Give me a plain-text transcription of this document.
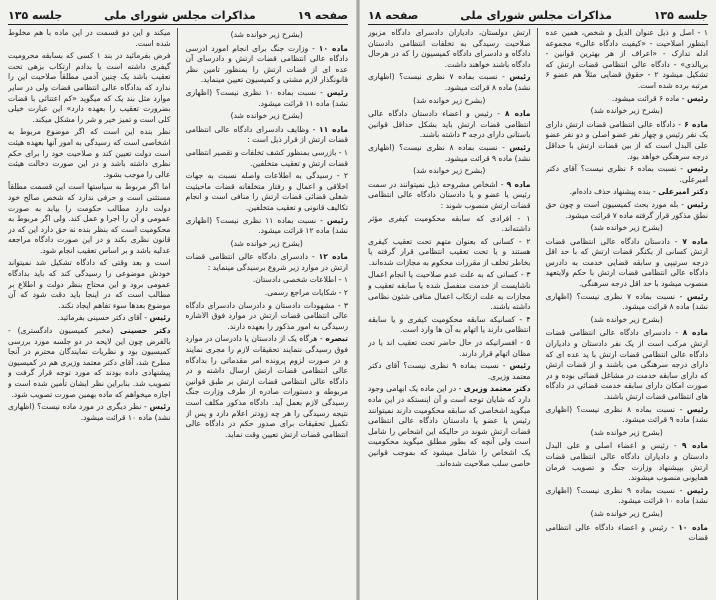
صفحه ۱۹
مذاکرات مجلس شورای ملی
جلسه ۱۳۵

(بشرح زیر خوانده شد)

ماده ۱۰ - وزارت جنگ برای انجام امورد ادرسی دادگاه عالی انتظامی قضات ارتش و دادرسای آن عده ای از قضات ارتش را بمنظور تامین نظر قانونگذار لازم مشتی و کمیسیون تعیین مینماید.

رئیس - نسبت بماده ۱۰ نظری نیست؟ (اظهاری نشد) ماده ۱۱ قرائت میشود.

(بشرح زیر خوانده شد)

ماده ۱۱ - وظایف دادسرای دادگاه عالی انتظامی قضات ارتش از قرار ذیل است :

۱ - بازرسی بمنظور کشف تخلفات و تقصیر انتظامی قضات ارتش و تعقیب متخلفین.

۲ - رسیدگی به اطلاعات واصله نسبت به جهات اخلاقی و اعمال و رفتار متخلفانه قضات ماحیثیت شغلی قضائی قضات ارتش را منافی است و انجام تکالیف قانونی و تعقیب متخلفین.

رئیس - نسبت بماده ۱۱ نظری نیست؟ (اظهاری نشد) ماده ۱۲ قرائت میشود.

(بشرح زیر خوانده شد)

ماده ۱۲ - دادسرای دادگاه عالی انتظامی قضات ارتش در موارد زیر شروع برسیدگی مینماید :

۱ - اطلاعات شخصی دادستان.

۲ - شکایات مراجع رسمی.

۳ - مشهودات دادستان و دادرسان دادسرای دادگاه عالی انتظامی قضات ارتش در موارد فوق الاشاره رسیدگی به امور مذکور را بعهده دارند.

تبصره - هرگاه یک از دادستان یا دادرسان در موارد فوق رسیدگی ننمایند تحقیقات لازم را مجری نمایند و در صورت لزوم پرونده امر مقدماتی را بدادگاه عالی انتظامی قضات ارتش ارسال داشته و در دادگاه عالی انتظامی قضات ارتش بر طبق قوانین مربوطه و دستورات صادره از طرف وزارت جنگ رسیدگی لازم بعمل آید. دادگاه مذکور مکلف است نتیجه رسیدگی را هر چه زودتر اعلام دارد و پس از تکمیل تحقیقات برای صدور حکم در دادگاه عالی انتظامی قضات ارتش تعیین وقت نماید.

میکند و این دو قسمت در این ماده با هم مخلوط شده است.

فرض بفرمائید در بند ۱ کسی که بسابقه محرومیت گیفری داشته است یا بدادم ارتکاب بزهی تحت تعقیب باشد یک چنین آدمی مطلقاً صلاحیت این را ندارد که بدادگاه عالی انتظامی قضات ولی در سایر موارد مثل بند یک که میگوید «کم اعتنائی با قضات بضرورت تعقیب را بعهده دارد» این عبارت خیلی کلی است و تمیز خیر و شر را مشکل میکند.

نظر بنده این است که اگر موضوع مربوط به اشخاصی است که رسیدگی به امور آنها بعهده هیئت است دولت تعیین کند و صلاحیت خود را برای حکم نظری داشته باشد و در این صورت دخالت هیئت عالی را موجب بشود.

اما اگر مربوط به سیاستها است این قسمت مطلقاً مستثنی است و حرفی ندارد که شخص صالح خود دولت دارد مطالب حکومت را بیابد به صورت عمومی و آن را اجرا و عمل کند. ولی اگر مربوط به محکومیت است که بنظر بنده نه حق دارد این که در قانون نظری بکند و در این صورت دادگاه مراجعه عدلیه باشد و بر اساس تعقیب انجام شود.

است و بعد وقتی که دادگاه تشکیل شد نمیتواند خودش موضوعی را رسیدگی کند که باید بدادگاه عمومی برود و این محتاج بنظر دولت و اطلاع بر مطالب است که در اینجا باید دقت شود که آن موضوع بعدها سوء تفاهم ایجاد نکند.

رئیس - آقای دکتر حسینی بفرمائید.

دکتر حسینی (مخبر کمیسیون دادگستری) - بالفرض چون این لایحه در دو جلسه مورد بررسی کمیسیون بود و نظریات نمایندگان محترم در آنجا مطرح شد، آقای دکتر معتمد وزیری هم در کمیسیون پیشنهادی داده بودند که مورد توجه قرار گرفت و تصویب شد. بنابراین نظر ایشان تأمین شده است و اجازه میخواهم که ماده بهمین صورت تصویب شود.

رئیس - نظر دیگری در مورد ماده نیست؟ (اظهاری نشد) ماده ۱۰ قرائت میشود.

جلسه ۱۳۵
مذاکرات مجلس شورای ملی
صفحه ۱۸

۱ - اصل و ذیل عنوان الدیل و شخص، همین عده ابتظور اصلاحیت - «کیفیت دادگاه عالی» مجموعه ادله تدارک - «اعراف از هر بهترین قوانین - بریالدی» - دادگاه عالی انتظامی قضات ارتش که تشکیل میشود ۲ - حقوق قضایی مثلاً هم عضو ۶ مرتبه برده شده است.

رئیس - ماده ۶ قرائت میشود.

(بشرح زیر خوانده شد)

ماده ۶ - دادگاه عالی انتظامی قضات ارتش دارای یک نفر رئیس و چهار نفر عضو اصلی و دو نفر عضو علی البدل است که از بین قضات ارتش با حداقل درجه سرهنگی خواهد بود.

رئیس - نسبت بماده ۶ نظری نیست؟ آقای دکتر امیرعلی.

دکتر امیرعلی - بنده پیشنهاد حذف داده‌ام.

رئیس - بله مورد بحث کمیسیون است و چون حق نطق مذکور قرار گرفته ماده ۷ قرائت میشود.

(بشرح زیر خوانده شد)

ماده ۷ - دادستان دادگاه عالی انتظامی قضات ارتش کسانی از بکنگر قضات ارتش که با حد اقل درجه سرتیپی و سابقه قضایی خدمت به دادرس دادگاه عالی انتظامی قضات ارتش با حکم ولایتعهد منصوب میشود با حد اقل درجه سرهنگی.

رئیس - نسبت بماده ۷ نظری نیست؟ (اظهاری نشد) ماده ۸ قرائت میشود.

(بشرح زیر خوانده شد)

ماده ۸ - دادسرای دادگاه عالی انتظامی قضات ارتش مرکب است از یک نفر دادستان و دادیاران دادگاه عالی انتظامی قضات ارتش با ید عده ای که دارای درجه سرهنگی می باشند و از قضات ارتش که دارای سابقه خدمت در مشاغل قضائی بوده و در صورت امکان دارای سابقه خدمت قضائی در دادگاه های انتظامی قضات ارتش باشند.

رئیس - نسبت بماده ۸ نظری نیست؟ (اظهاری نشد) ماده ۹ قرائت میشود.

(بشرح زیر خوانده شد)

ماده ۹ - رئیس و اعضاء اصلی و علی البدل دادستان و دادیاران دادگاه عالی انتظامی قضات ارتش بپیشنهاد وزارت جنگ و تصویب فرمان همایونی منصوب میشوند.

رئیس - نسبت بماده ۹ نظری نیست؟ (اظهاری نشد) ماده ۱۰ قرائت میشود.

(بشرح زیر خوانده شد)

ماده ۱۰ - رئیس و اعضاء دادگاه عالی انتظامی قضات

ارتش دولستان، دادیاران دادسرای دادگاه مزبور صلاحیت رسیدگی به تخلفات انتظامی دادستان دادگاه و دادسرای دادگاه کمیسیون را که در هرحال دادگاه باشند خواهند داشت.

رئیس - نسبت بماده ۷ نظری نیست؟ (اظهاری نشد) ماده ۸ قرائت میشود.

(بشرح زیر خوانده شد)

ماده ۸ - رئیس و اعضاء دادستان دادگاه عالی انتظامی قضات ارتش باید بشکل حداقل قوانین باستانی دارای درجه ۳ داشته باشند.

رئیس - نسبت بماده ۸ نظری نیست؟ (اظهاری نشد) ماده ۹ قرائت میشود.

(بشرح زیر خوانده شد)

ماده ۹ - اشخاص مشروحه ذیل نمیتوانند در سمت رئیس یا عضو و یا دادستان دادگاه عالی انتظامی قضات ارتش منصوب شوند :

۱ - افرادی که سابقه محکومیت کیفری مؤثر داشته‌اند.

۲ - کسانی که بعنوان متهم تحت تعقیب کیفری هستند و یا تحت تعقیب انتظامی قرار گرفته یا بخاطر تخلف از مقررات محکوم به مجازات شده‌اند.

۳ - کسانی که به علت عدم صلاحیت یا انجام اعمال ناشایست از خدمت منفصل شده یا سابقه تعقیب و مجازات به علت ارتکاب اعمال منافی شئون نظامی داشته باشند.

۴ - کسانیکه سابقه محکومیت کیفری و یا سابقه انتظامی دارند یا اتهام به آن ها وارد است.

۵ - افسرانیکه در حال حاضر تحت تعقیب اند یا در مظان اتهام قرار دارند.

رئیس - نسبت بماده ۹ نظری نیست؟ آقای دکتر معتمد وزیری.

دکتر معتمد وزیری - در این ماده یک ابهامی وجود دارد که شایان توجه است و آن اینستکه در این ماده میگوید اشخاصی که سابقه محکومیت دارند نمیتوانند رئیس یا عضو یا دادستان دادگاه عالی انتظامی قضات ارتش شوند در حالیکه این اشخاص را شامل است ولی آنچه که بطور مطلق میگوید محکومیت یک اشخاص را شامل میشود که بموجب قوانین خاصی سلب صلاحیت شده‌اند.
